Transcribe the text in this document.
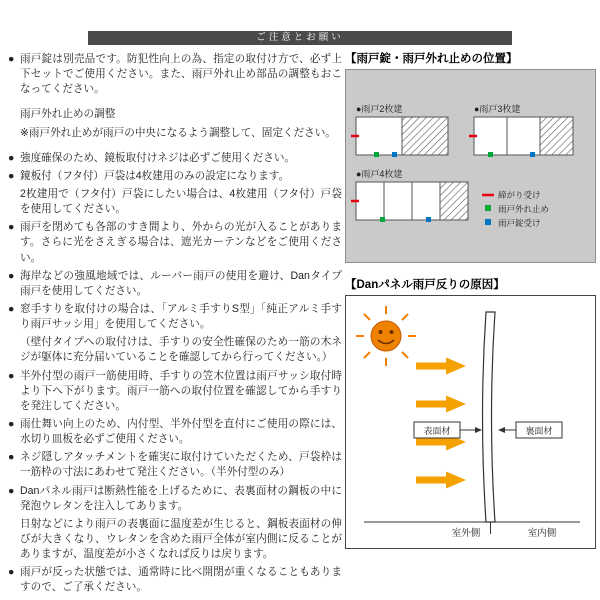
ご注意とお願い

● 雨戸錠は別売品です。防犯性向上の為、指定の取付け方で、必ず上下セットでご使用ください。また、雨戸外れ止め部品の調整もおこなってください。

雨戸外れ止めの調整

※雨戸外れ止めが雨戸の中央になるよう調整して、固定ください。

● 強度確保のため、鏡板取付けネジは必ずご使用ください。

● 鏡板付（フタ付）戸袋は4枚建用のみの設定になります。

2枚建用で（フタ付）戸袋にしたい場合は、4枚建用（フタ付）戸袋を使用してください。

● 雨戸を閉めても各部のすき間より、外からの光が入ることがあります。さらに光をさえぎる場合は、遮光カーテンなどをご使用ください。

● 海岸などの強風地域では、ルーバー雨戸の使用を避け、Danタイプ雨戸を使用してください。

● 窓手すりを取付けの場合は、「アルミ手すりS型」「純正アルミ手すり雨戸サッシ用」を使用してください。

（壁付タイプへの取付けは、手すりの安全性確保のため一筋の木ネジが躯体に充分届いていることを確認してから行ってください。）

● 半外付型の雨戸一筋使用時、手すりの笠木位置は雨戸サッシ取付時より下へ下がります。雨戸一筋への取付位置を確認してから手すりを発注してください。

● 雨仕舞い向上のため、内付型、半外付型を直付にご使用の際には、水切り皿板を必ずご使用ください。

● ネジ隠しアタッチメントを確実に取付けていただくため、戸袋枠は一筋枠の寸法にあわせて発注ください。（半外付型のみ）

● Danパネル雨戸は断熱性能を上げるために、表裏面材の鋼板の中に発泡ウレタンを注入してあります。

日射などにより雨戸の表裏面に温度差が生じると、鋼板表面材の伸びが大きくなり、ウレタンを含めた雨戸全体が室内側に反ることがありますが、温度差が小さくなれば反りは戻ります。

● 雨戸が反った状態では、通常時に比べ開閉が重くなることもありますので、ご了承ください。

【雨戸錠・雨戸外れ止めの位置】
●雨戸2枚建	●雨戸3枚建
●雨戸4枚建
締がり受け
雨戸外れ止め
雨戸錠受け
【Danパネル雨戸反りの原因】
表面材	裏面材
室外側	室内側
